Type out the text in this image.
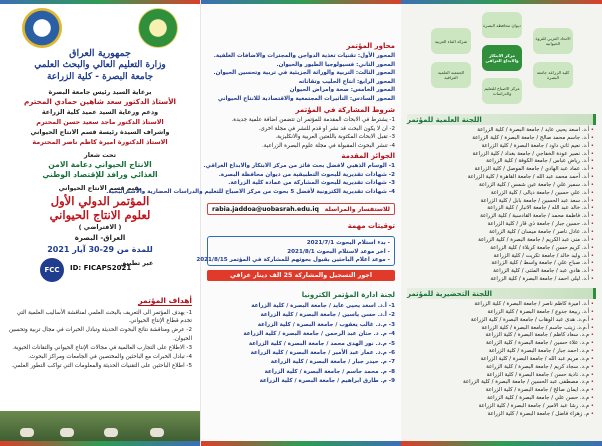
جمهورية العراق
وزارة التعليم العالي والبحث العلمي
جامعة البصرة - كلية الزراعة
برعاية السيد رئيس جامعة البصرة
الأستاذ الدكتور سعد شاهين حمادي المحترم
ودعم ورعاية السيد عميد كلية الزراعة
الاستاذ الدكتور ماجد سعيد حسن المحترم
واشراف السيدة رئيسة قسم الانتاج الحيواني
الاستاذ الدكتورة اميرة كاظم ناصر المحترمة
تحت شعار
الانتاج الحيواني دعامة الامن
الغذائي ورافد للإقتصاد الوطني
يقيم قسم الانتاج الحيواني
المؤتمر الدولي الأول
لعلوم الانتاج الحيواني
( الافتراضي )
العراق- البصرة
للمدة من 29-30 آيار 2021
عبر تطبيق
FCC	ID: FICAPS2021
أهداف المؤتمر
1- يهدف المؤتمر الى التعريف بالبحث العلمي لمناقشة الأساليب العلمية التي تخدم قطاع الإنتاج الحيواني.
2- عرض ومناقشة نتائج البحوث الحديثة وتبادل الخبرات في مجال تربية وتحسين الحيوان.
3- الاطلاع على التجارب العالمية في مجالات الإنتاج الحيواني والتقانات الحيوية.
4- تبادل الخبرات مع الباحثين والمختصين في الجامعات ومراكز البحوث.
5- اطلاع الباحثين على التقنيات الحديثة والمعلومات التي تواكب التطور العلمي.
محاور المؤتمر
المحور الأول: تقنيات تغذية الدواجن والمجترات والاضافات العلفية.
المحور الثاني: فسيولوجيا الطيور والحيوان.
المحور الثالث: التربية والوراثة الجزيئية في تربية وتحسين الحيوان.
المحور الرابع: انتاج الحليب وتقاناته
المحور الخامس: صحة وامراض الحيوان
المحور السادس: التأثيرات المجتمعية والاقتصادية للانتاج الحيواني
شروط المشاركة في المؤتمر
1- يشترط في الابحاث المقدمة للمؤتمر ان تتضمن اضافة علمية جديدة.
2- ان لا يكون البحث قد نشر او قدم للنشر في مجلة اخرى.
3- تقبل الابحاث المكتوبة باللغتين العربية والانكليزية.
4- تنشر البحوث المقبولة في مجلة علوم البصرة الزراعية.
الجوائز المقدمة
1- الوسام الذهبي لافضل بحث فائز من مركز الابتكار والابداع العراقي.
2- شهادات تقديرية للبحوث التطبيقية من ديوان محافظة البصرة.
3- شهادات تقديرية للبحوث المشاركة من عمادة كلية الزراعة.
4- شهادات تقديرية الكترونية لأفضل 5 بحوث من مركز الاصباح للتعليم والدراسات الحضارية والاستراتيجية.
للاستفسار والمراسلة
rabia.jaddoa@uobasrah.edu.iq
توقيتات مهمة
- بدء استلام البحوث 2021/7/1
- اخر موعد لاستلام البحوث 2021/8/1
- موعد اعلام الباحثين بقبول بحوثهم للمشاركة في المؤتمر 2021/8/15
اجور التسجيل والمشاركة 25 الف دينار عراقي
لجنة ادارة المؤتمر الكترونيا
1- أ.د. اسعد يحيى عايد / جامعة البصرة / كلية الزراعة
2- أ.د. حسن ياسين / جامعة البصرة / كلية الزراعة
3- م.د. غالب يعقوب / جامعة البصرة / كلية الزراعة
4- م. د. حنان عبد الرحمن / جامعة البصرة / كلية الزراعة
5- م.د. نور الهدى محمد / جامعة البصرة / كلية الزراعة
6- م.د. عمار عبد الأمير / جامعة البصرة / كلية الزراعة
7- م. حيدر جبار / جامعة البصرة / كلية الزراعة
8- م. محمد جاسم / جامعة البصرة / كلية الزراعة
9- م. طارق ابراهيم / جامعة البصرة / كلية الزراعة
مركز الابتكار والابداع العراقي
ديوان محافظة البصرة
الاتحاد العربي للثروة الحيوانية
كلية الزراعة جامعة البصرة
مركز الاصباح للتعليم والدراسات
الجمعية العلمية العراقية
شركة الماء العربية
اللجنة العلمية للمؤتمر
• أ.د. اسعد يحيى عايد / جامعة البصرة / كلية الزراعة
• أ.د. جاسم محمد صالح / جامعة البصرة / كلية الزراعة
• أ.د. نعيم ثاني داود / جامعة البصرة / كلية الزراعة
• أ.د. نصير عودة الخفاجي / جامعة بغداد / كلية الزراعة
• أ.د. رياض عباس / جامعة الكوفة / كلية الزراعة
• أ.د. عماد عبد الهادي / جامعة الموصل / كلية الزراعة
• أ.د. أحمد محمد عبد الله / جامعة القاهرة / كلية الزراعة
• أ.د. سمير علي / جامعة عين شمس / كلية الزراعة
• أ.د. علي حسين / جامعة ديالى / كلية الزراعة
• أ.د. سعد عبد الحسين / جامعة بابل / كلية الزراعة
• أ.د. خالد عبد الله / جامعة الانبار / كلية الزراعة
• أ.د. فاطمة محمد / جامعة القادسية / كلية الزراعة
• أ.د. حسين جبار / جامعة ذي قار / كلية الزراعة
• أ.د. عادل ناصر / جامعة ميسان / كلية الزراعة
• أ.د. منى عبد الكريم / جامعة البصرة / كلية الزراعة
• أ.د. كريم حسن / جامعة كربلاء / كلية الزراعة
• أ.د. وليد خالد / جامعة تكريت / كلية الزراعة
• أ.د. صباح علي / جامعة واسط / كلية الزراعة
• أ.د. هادي عبد / جامعة المثنى / كلية الزراعة
• أ.د. ليلى احمد / جامعة البصرة / كلية الزراعة
اللجنة التحضيرية للمؤتمر
• أ.د. اميرة كاظم ناصر / جامعة البصرة / كلية الزراعة
• أ.د. ربيعة جدوع / جامعة البصرة / كلية الزراعة
• أ.م.د. هدى عبد الوهاب / جامعة البصرة / كلية الزراعة
• أ.م.د. زينب جاسم / جامعة البصرة / كلية الزراعة
• م.د. سعاد كاظم / جامعة البصرة / كلية الزراعة
• م.د. علاء حسين / جامعة البصرة / كلية الزراعة
• م.د. احمد جبار / جامعة البصرة / كلية الزراعة
• م.د. مريم عبد الله / جامعة البصرة / كلية الزراعة
• م.د. سجاد كريم / جامعة البصرة / كلية الزراعة
• م.د. نادية حسن / جامعة البصرة / كلية الزراعة
• م.د. مصطفى عبد الحسين / جامعة البصرة / كلية الزراعة
• م.د. ايمان صالح / جامعة البصرة / كلية الزراعة
• م.د. حسن علي / جامعة البصرة / كلية الزراعة
• م.د. رشا عبد الامير / جامعة البصرة / كلية الزراعة
• م. زهراء فاضل / جامعة البصرة / كلية الزراعة
